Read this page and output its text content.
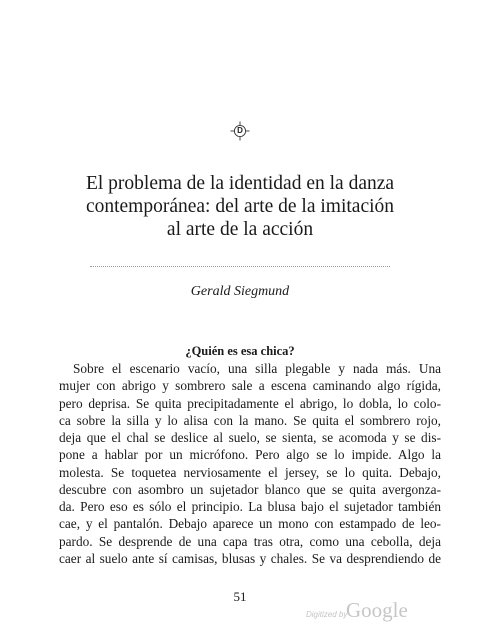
D
El problema de la identidad en la danza
contemporánea: del arte de la imitación
al arte de la acción
Gerald Siegmund
¿Quién es esa chica?
Sobre el escenario vacío, una silla plegable y nada más. Una
mujer con abrigo y sombrero sale a escena caminando algo rígida,
pero deprisa. Se quita precipitadamente el abrigo, lo dobla, lo colo-
ca sobre la silla y lo alisa con la mano. Se quita el sombrero rojo,
deja que el chal se deslice al suelo, se sienta, se acomoda y se dis-
pone a hablar por un micrófono. Pero algo se lo impide. Algo la
molesta. Se toquetea nerviosamente el jersey, se lo quita. Debajo,
descubre con asombro un sujetador blanco que se quita avergonza-
da. Pero eso es sólo el principio. La blusa bajo el sujetador también
cae, y el pantalón. Debajo aparece un mono con estampado de leo-
pardo. Se desprende de una capa tras otra, como una cebolla, deja
caer al suelo ante sí camisas, blusas y chales. Se va desprendiendo de
51
Digitized by
Google
